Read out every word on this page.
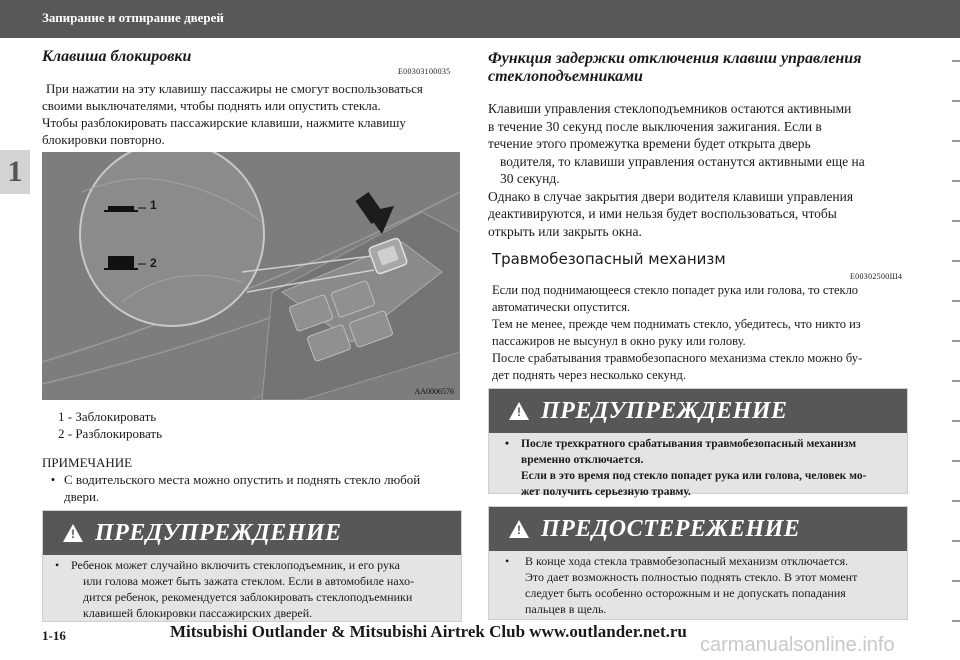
Запирание и отпирание дверей
1
Клавиша блокировки
E00303100035
При нажатии на эту клавишу пассажиры не смогут воспользоваться
своими выключателями, чтобы поднять или опустить стекла.
Чтобы разблокировать пассажирские клавиши, нажмите клавишу
блокировки повторно.
1
2
AA0006576
1 - Заблокировать
2 - Разблокировать
ПРИМЕЧАНИЕ
• С водительского места можно опустить и поднять стекло любой
двери.
!
ПРЕДУПРЕЖДЕНИЕ
• Ребенок может случайно включить стеклоподъемник, и его рука
или голова может быть зажата стеклом. Если в автомобиле нахо-
дится ребенок, рекомендуется заблокировать стеклоподъемники
клавишей блокировки пассажирских дверей.
Функция задержки отключения клавиш управления
стеклоподъемниками
Клавиши управления стеклоподъемников остаются активными
в течение 30 секунд после выключения зажигания. Если в
течение этого промежутка времени будет открыта дверь
водителя, то клавиши управления останутся активными еще на
30 секунд.
Однако в случае закрытия двери водителя клавиши управления
деактивируются, и ими нельзя будет воспользоваться, чтобы
открыть или закрыть окна.
Травмобезопасный механизм
E00302500Ш4
Если под поднимающееся стекло попадет рука или голова, то стекло
автоматически опустится.
Тем не менее, прежде чем поднимать стекло, убедитесь, что никто из
пассажиров не высунул в окно руку или голову.
После срабатывания травмобезопасного механизма стекло можно бу-
дет поднять через несколько секунд.
!
ПРЕДУПРЕЖДЕНИЕ
•	После трехкратного срабатывания травмобезопасный механизм
временно отключается.
Если в это время под стекло попадет рука или голова, человек мо-
жет получить серьезную травму.
!
ПРЕДОСТЕРЕЖЕНИЕ
•	В конце хода стекла травмобезопасный механизм отключается.
Это дает возможность полностью поднять стекло. В этот момент
следует быть особенно осторожным и не допускать попадания
пальцев в щель.
1-16	Mitsubishi Outlander & Mitsubishi Airtrek Club www.outlander.net.ru
carmanualsonline.info
